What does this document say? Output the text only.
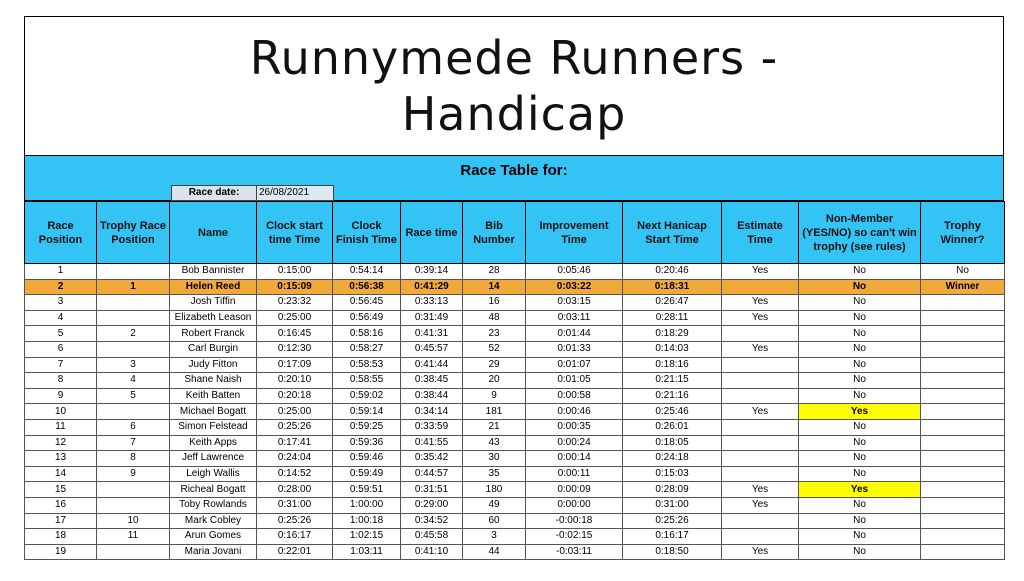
Runnymede Runners -
Handicap
Race Table for:
Race date:	26/08/2021
Race Position	Trophy Race Position	Name	Clock start time Time	Clock Finish Time	Race time	Bib Number	Improvement Time	Next Hanicap Start Time	Estimate Time	Non-Member (YES/NO) so can't win trophy (see rules)	Trophy Winner?
1		Bob Bannister	0:15:00	0:54:14	0:39:14	28	0:05:46	0:20:46	Yes	No	No
2	1	Helen Reed	0:15:09	0:56:38	0:41:29	14	0:03:22	0:18:31		No	Winner
3		Josh Tiffin	0:23:32	0:56:45	0:33:13	16	0:03:15	0:26:47	Yes	No	
4		Elizabeth Leason	0:25:00	0:56:49	0:31:49	48	0:03:11	0:28:11	Yes	No	
5	2	Robert Franck	0:16:45	0:58:16	0:41:31	23	0:01:44	0:18:29		No	
6		Carl Burgin	0:12:30	0:58:27	0:45:57	52	0:01:33	0:14:03	Yes	No	
7	3	Judy Fitton	0:17:09	0:58:53	0:41:44	29	0:01:07	0:18:16		No	
8	4	Shane Naish	0:20:10	0:58:55	0:38:45	20	0:01:05	0:21:15		No	
9	5	Keith Batten	0:20:18	0:59:02	0:38:44	9	0:00:58	0:21:16		No	
10		Michael Bogatt	0:25:00	0:59:14	0:34:14	181	0:00:46	0:25:46	Yes	Yes	
11	6	Simon Felstead	0:25:26	0:59:25	0:33:59	21	0:00:35	0:26:01		No	
12	7	Keith Apps	0:17:41	0:59:36	0:41:55	43	0:00:24	0:18:05		No	
13	8	Jeff Lawrence	0:24:04	0:59:46	0:35:42	30	0:00:14	0:24:18		No	
14	9	Leigh Wallis	0:14:52	0:59:49	0:44:57	35	0:00:11	0:15:03		No	
15		Richeal Bogatt	0:28:00	0:59:51	0:31:51	180	0:00:09	0:28:09	Yes	Yes	
16		Toby Rowlands	0:31:00	1:00:00	0:29:00	49	0:00:00	0:31:00	Yes	No	
17	10	Mark Cobley	0:25:26	1:00:18	0:34:52	60	-0:00:18	0:25:26		No	
18	11	Arun Gomes	0:16:17	1:02:15	0:45:58	3	-0:02:15	0:16:17		No	
19		Maria Jovani	0:22:01	1:03:11	0:41:10	44	-0:03:11	0:18:50	Yes	No	
